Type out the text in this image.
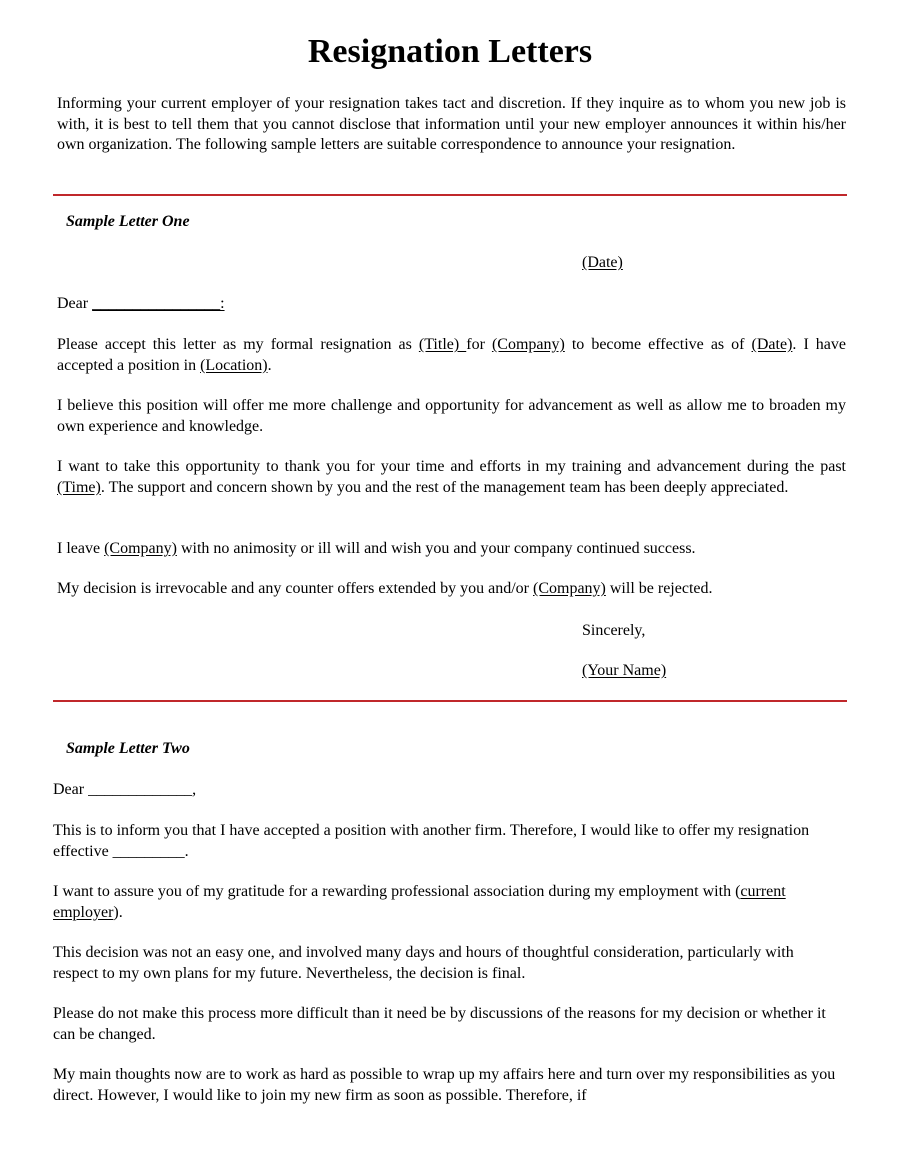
Resignation Letters

Informing your current employer of your resignation takes tact and discretion. If they inquire as to whom you new job is with, it is best to tell them that you cannot disclose that information until your new employer announces it within his/her own organization. The following sample letters are suitable correspondence to announce your resignation.

Sample Letter One

(Date)

Dear ________________:

Please accept this letter as my formal resignation as (Title) for (Company) to become effective as of (Date). I have accepted a position in (Location).

I believe this position will offer me more challenge and opportunity for advancement as well as allow me to broaden my own experience and knowledge.

I want to take this opportunity to thank you for your time and efforts in my training and advancement during the past (Time). The support and concern shown by you and the rest of the management team has been deeply appreciated.

I leave (Company) with no animosity or ill will and wish you and your company continued success.

My decision is irrevocable and any counter offers extended by you and/or (Company) will be rejected.

Sincerely,

(Your Name)

Sample Letter Two

Dear _____________,

This is to inform you that I have accepted a position with another firm. Therefore, I would like to offer my resignation effective _________.

I want to assure you of my gratitude for a rewarding professional association during my employment with (current employer).

This decision was not an easy one, and involved many days and hours of thoughtful consideration, particularly with respect to my own plans for my future. Nevertheless, the decision is final.

Please do not make this process more difficult than it need be by discussions of the reasons for my decision or whether it can be changed.

My main thoughts now are to work as hard as possible to wrap up my affairs here and turn over my responsibilities as you direct. However, I would like to join my new firm as soon as possible. Therefore, if
